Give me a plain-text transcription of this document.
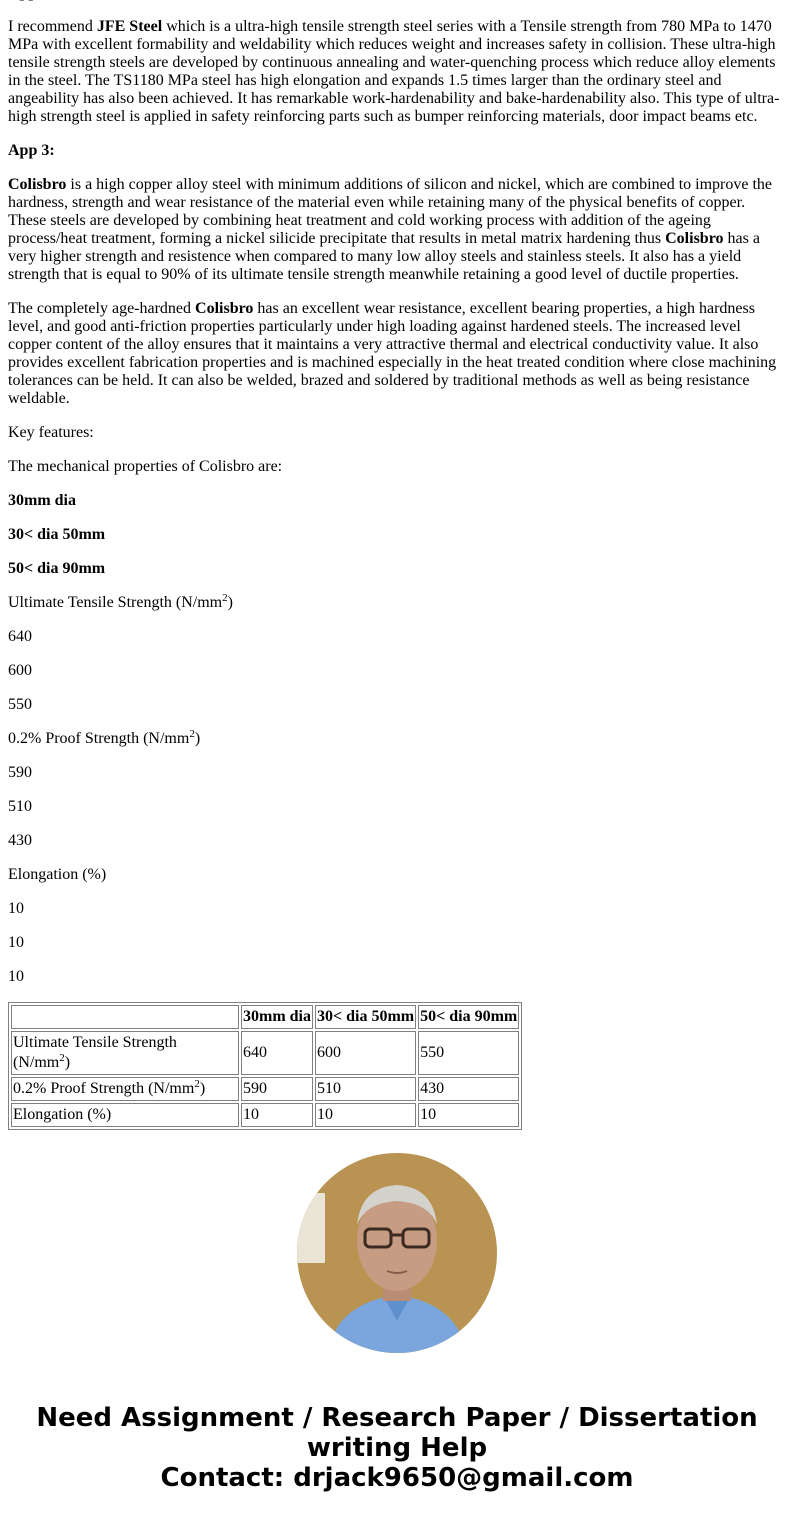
I recommend JFE Steel which is a ultra-high tensile strength steel series with a Tensile strength from 780 MPa to 1470 MPa with excellent formability and weldability which reduces weight and increases safety in collision. These ultra-high tensile strength steels are developed by continuous annealing and water-quenching process which reduce alloy elements in the steel. The TS1180 MPa steel has high elongation and expands 1.5 times larger than the ordinary steel and angeability has also been achieved. It has remarkable work-hardenability and bake-hardenability also. This type of ultra-high strength steel is applied in safety reinforcing parts such as bumper reinforcing materials, door impact beams etc.

App 3:

Colisbro is a high copper alloy steel with minimum additions of silicon and nickel, which are combined to improve the hardness, strength and wear resistance of the material even while retaining many of the physical benefits of copper. These steels are developed by combining heat treatment and cold working process with addition of the ageing process/heat treatment, forming a nickel silicide precipitate that results in metal matrix hardening thus Colisbro has a very higher strength and resistence when compared to many low alloy steels and stainless steels. It also has a yield strength that is equal to 90% of its ultimate tensile strength meanwhile retaining a good level of ductile properties.

The completely age-hardned Colisbro has an excellent wear resistance, excellent bearing properties, a high hardness level, and good anti-friction properties particularly under high loading against hardened steels. The increased level copper content of the alloy ensures that it maintains a very attractive thermal and electrical conductivity value. It also provides excellent fabrication properties and is machined especially in the heat treated condition where close machining tolerances can be held. It can also be welded, brazed and soldered by traditional methods as well as being resistance weldable.

Key features:

The mechanical properties of Colisbro are:

30mm dia

30< dia 50mm

50< dia 90mm

Ultimate Tensile Strength $(N/mm^2)$

640

600

550

0.2% Proof Strength $(N/mm^2)$

590

510

430

Elongation (%)

10

10

10

	30mm dia	30< dia 50mm	50< dia 90mm
Ultimate Tensile Strength $(N/mm^2)$	640	600	550
0.2% Proof Strength $(N/mm^2)$	590	510	430
Elongation (%)	10	10	10
Need Assignment / Research Paper / Dissertation
writing Help
Contact: drjack9650@gmail.com
